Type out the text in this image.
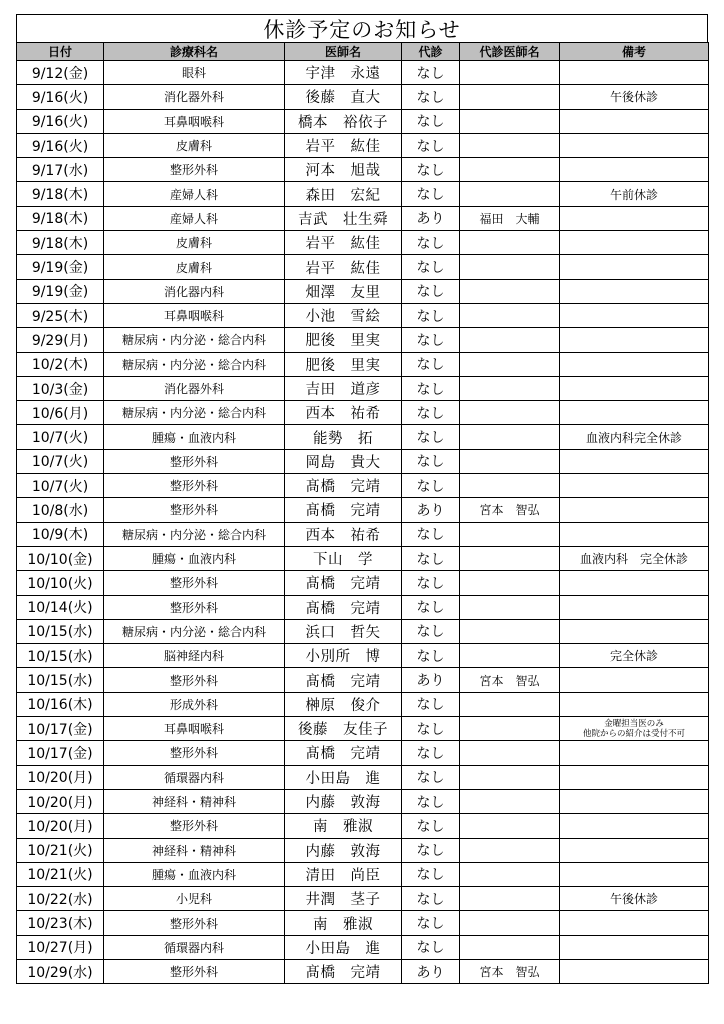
休診予定のお知らせ
日付	診療科名	医師名	代診	代診医師名	備考
9/12(金)	眼科	宇津　永遠	なし		
9/16(火)	消化器外科	後藤　直大	なし		午後休診
9/16(火)	耳鼻咽喉科	橋本　裕依子	なし		
9/16(火)	皮膚科	岩平　紘佳	なし		
9/17(水)	整形外科	河本　旭哉	なし		
9/18(木)	産婦人科	森田　宏紀	なし		午前休診
9/18(木)	産婦人科	吉武　壮生舜	あり	福田　大輔	
9/18(木)	皮膚科	岩平　紘佳	なし		
9/19(金)	皮膚科	岩平　紘佳	なし		
9/19(金)	消化器内科	畑澤　友里	なし		
9/25(木)	耳鼻咽喉科	小池　雪絵	なし		
9/29(月)	糖尿病・内分泌・総合内科	肥後　里実	なし		
10/2(木)	糖尿病・内分泌・総合内科	肥後　里実	なし		
10/3(金)	消化器外科	吉田　道彦	なし		
10/6(月)	糖尿病・内分泌・総合内科	西本　祐希	なし		
10/7(火)	腫瘍・血液内科	能勢　拓	なし		血液内科完全休診
10/7(火)	整形外科	岡島　貴大	なし		
10/7(火)	整形外科	髙橋　完靖	なし		
10/8(水)	整形外科	髙橋　完靖	あり	宮本　智弘	
10/9(木)	糖尿病・内分泌・総合内科	西本　祐希	なし		
10/10(金)	腫瘍・血液内科	下山　学	なし		血液内科　完全休診
10/10(火)	整形外科	髙橋　完靖	なし		
10/14(火)	整形外科	髙橋　完靖	なし		
10/15(水)	糖尿病・内分泌・総合内科	浜口　哲矢	なし		
10/15(水)	脳神経内科	小別所　博	なし		完全休診
10/15(水)	整形外科	髙橋　完靖	あり	宮本　智弘	
10/16(木)	形成外科	榊原　俊介	なし		
10/17(金)	耳鼻咽喉科	後藤　友佳子	なし		金曜担当医のみ
他院からの紹介は受付不可

10/17(金)	整形外科	髙橋　完靖	なし		
10/20(月)	循環器内科	小田島　進	なし		
10/20(月)	神経科・精神科	内藤　敦海	なし		
10/20(月)	整形外科	南　雅淑	なし		
10/21(火)	神経科・精神科	内藤　敦海	なし		
10/21(火)	腫瘍・血液内科	清田　尚臣	なし		
10/22(水)	小児科	井潤　茎子	なし		午後休診
10/23(木)	整形外科	南　雅淑	なし		
10/27(月)	循環器内科	小田島　進	なし		
10/29(水)	整形外科	髙橋　完靖	あり	宮本　智弘	
